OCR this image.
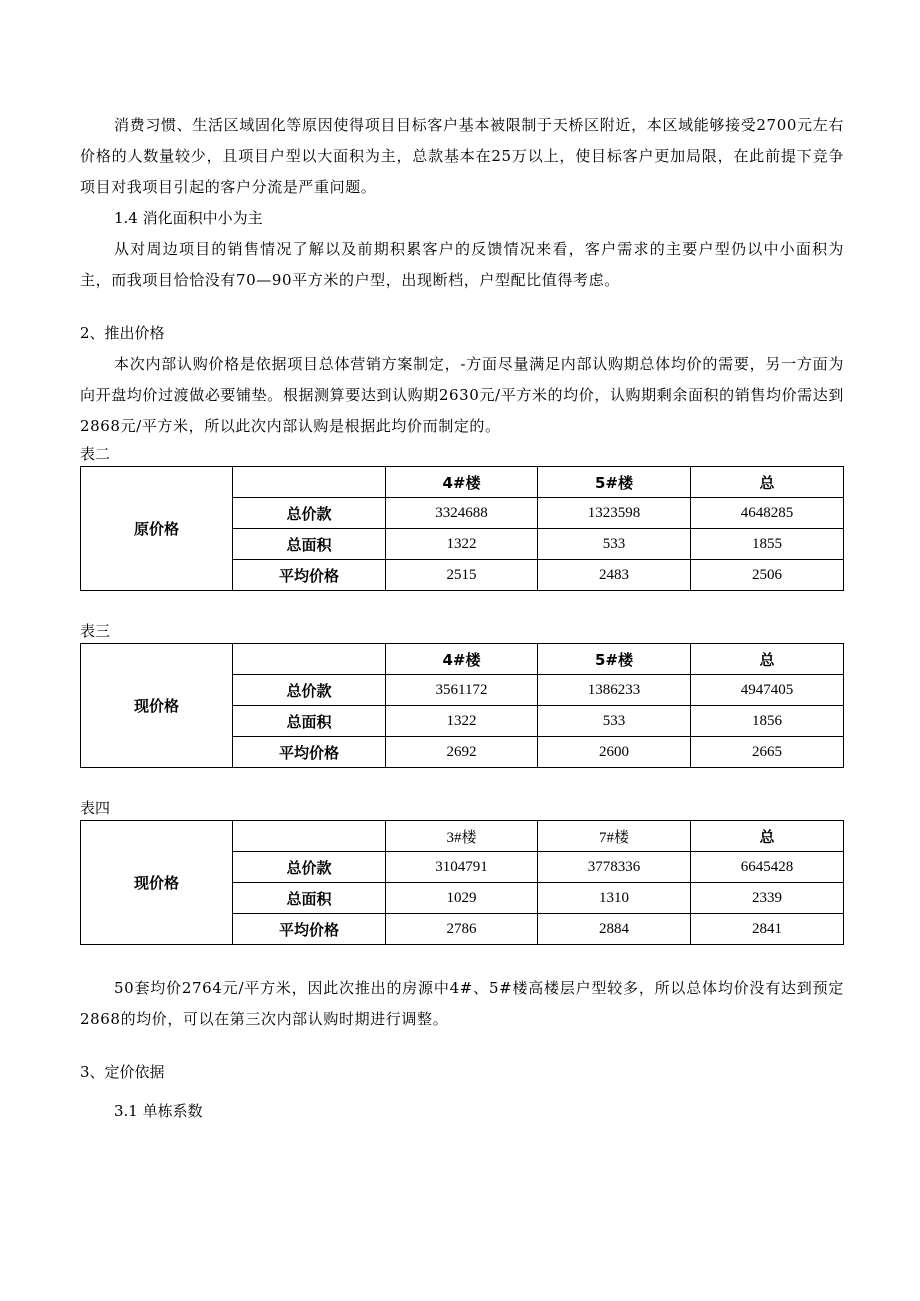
消费习惯、生活区域固化等原因使得项目目标客户基本被限制于天桥区附近，本区域能够接受2700元左右价格的人数量较少，且项目户型以大面积为主，总款基本在25万以上，使目标客户更加局限，在此前提下竞争项目对我项目引起的客户分流是严重问题。

1.4 消化面积中小为主

从对周边项目的销售情况了解以及前期积累客户的反馈情况来看，客户需求的主要户型仍以中小面积为主，而我项目恰恰没有70—90平方米的户型，出现断档，户型配比值得考虑。

2、推出价格

本次内部认购价格是依据项目总体营销方案制定，-方面尽量满足内部认购期总体均价的需要，另一方面为向开盘均价过渡做必要铺垫。根据测算要达到认购期2630元/平方米的均价，认购期剩余面积的销售均价需达到2868元/平方米，所以此次内部认购是根据此均价而制定的。

表二

原价格		4#楼	5#楼	总
	总价款	3324688	1323598	4648285
	总面积	1322	533	1855
	平均价格	2515	2483	2506

表三

现价格		4#楼	5#楼	总
	总价款	3561172	1386233	4947405
	总面积	1322	533	1856
	平均价格	2692	2600	2665

表四

现价格		3#楼	7#楼	总
	总价款	3104791	3778336	6645428
	总面积	1029	1310	2339
	平均价格	2786	2884	2841

50套均价2764元/平方米，因此次推出的房源中4#、5#楼高楼层户型较多，所以总体均价没有达到预定2868的均价，可以在第三次内部认购时期进行调整。

3、定价依据

3.1 单栋系数
